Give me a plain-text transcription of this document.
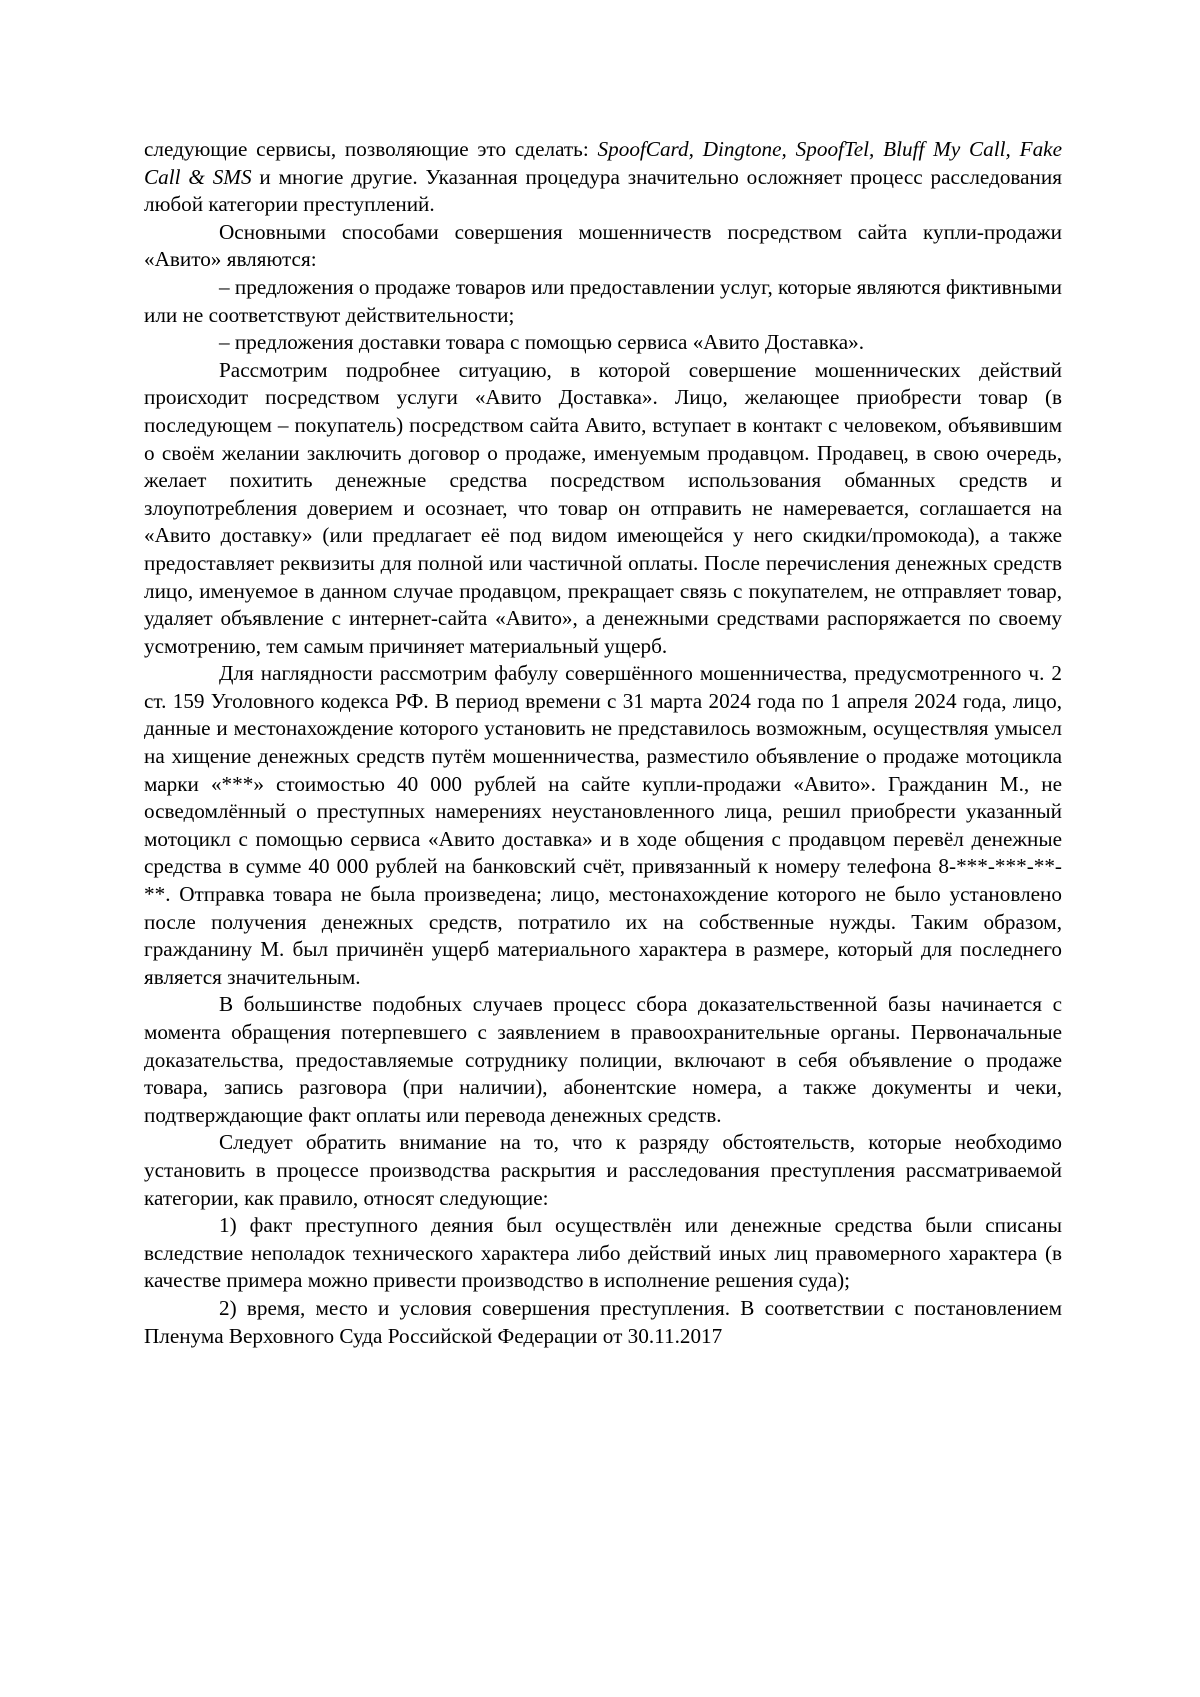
следующие сервисы, позволяющие это сделать: SpoofCard, Dingtone, SpoofTel, Bluff My Call, Fake Call & SMS и многие другие. Указанная процедура значительно осложняет процесс расследования любой категории преступлений.

Основными способами совершения мошенничеств посредством сайта купли-продажи «Авито» являются:

– предложения о продаже товаров или предоставлении услуг, которые являются фиктивными или не соответствуют действительности;

– предложения доставки товара с помощью сервиса «Авито Доставка».

Рассмотрим подробнее ситуацию, в которой совершение мошеннических действий происходит посредством услуги «Авито Доставка». Лицо, желающее приобрести товар (в последующем – покупатель) посредством сайта Авито, вступает в контакт с человеком, объявившим о своём желании заключить договор о продаже, именуемым продавцом. Продавец, в свою очередь, желает похитить денежные средства посредством использования обманных средств и злоупотребления доверием и осознает, что товар он отправить не намеревается, соглашается на «Авито доставку» (или предлагает её под видом имеющейся у него скидки/промокода), а также предоставляет реквизиты для полной или частичной оплаты. После перечисления денежных средств лицо, именуемое в данном случае продавцом, прекращает связь с покупателем, не отправляет товар, удаляет объявление с интернет-сайта «Авито», а денежными средствами распоряжается по своему усмотрению, тем самым причиняет материальный ущерб.

Для наглядности рассмотрим фабулу совершённого мошенничества, предусмотренного ч. 2 ст. 159 Уголовного кодекса РФ. В период времени с 31 марта 2024 года по 1 апреля 2024 года, лицо, данные и местонахождение которого установить не представилось возможным, осуществляя умысел на хищение денежных средств путём мошенничества, разместило объявление о продаже мотоцикла марки «***» стоимостью 40 000 рублей на сайте купли-продажи «Авито». Гражданин М., не осведомлённый о преступных намерениях неустановленного лица, решил приобрести указанный мотоцикл с помощью сервиса «Авито доставка» и в ходе общения с продавцом перевёл денежные средства в сумме 40 000 рублей на банковский счёт, привязанный к номеру телефона 8-***-***-**-**. Отправка товара не была произведена; лицо, местонахождение которого не было установлено после получения денежных средств, потратило их на собственные нужды. Таким образом, гражданину М. был причинён ущерб материального характера в размере, который для последнего является значительным.

В большинстве подобных случаев процесс сбора доказательственной базы начинается с момента обращения потерпевшего с заявлением в правоохранительные органы. Первоначальные доказательства, предоставляемые сотруднику полиции, включают в себя объявление о продаже товара, запись разговора (при наличии), абонентские номера, а также документы и чеки, подтверждающие факт оплаты или перевода денежных средств.

Следует обратить внимание на то, что к разряду обстоятельств, которые необходимо установить в процессе производства раскрытия и расследования преступления рассматриваемой категории, как правило, относят следующие:

1) факт преступного деяния был осуществлён или денежные средства были списаны вследствие неполадок технического характера либо действий иных лиц правомерного характера (в качестве примера можно привести производство в исполнение решения суда);

2) время, место и условия совершения преступления. В соответствии с постановлением Пленума Верховного Суда Российской Федерации от 30.11.2017
